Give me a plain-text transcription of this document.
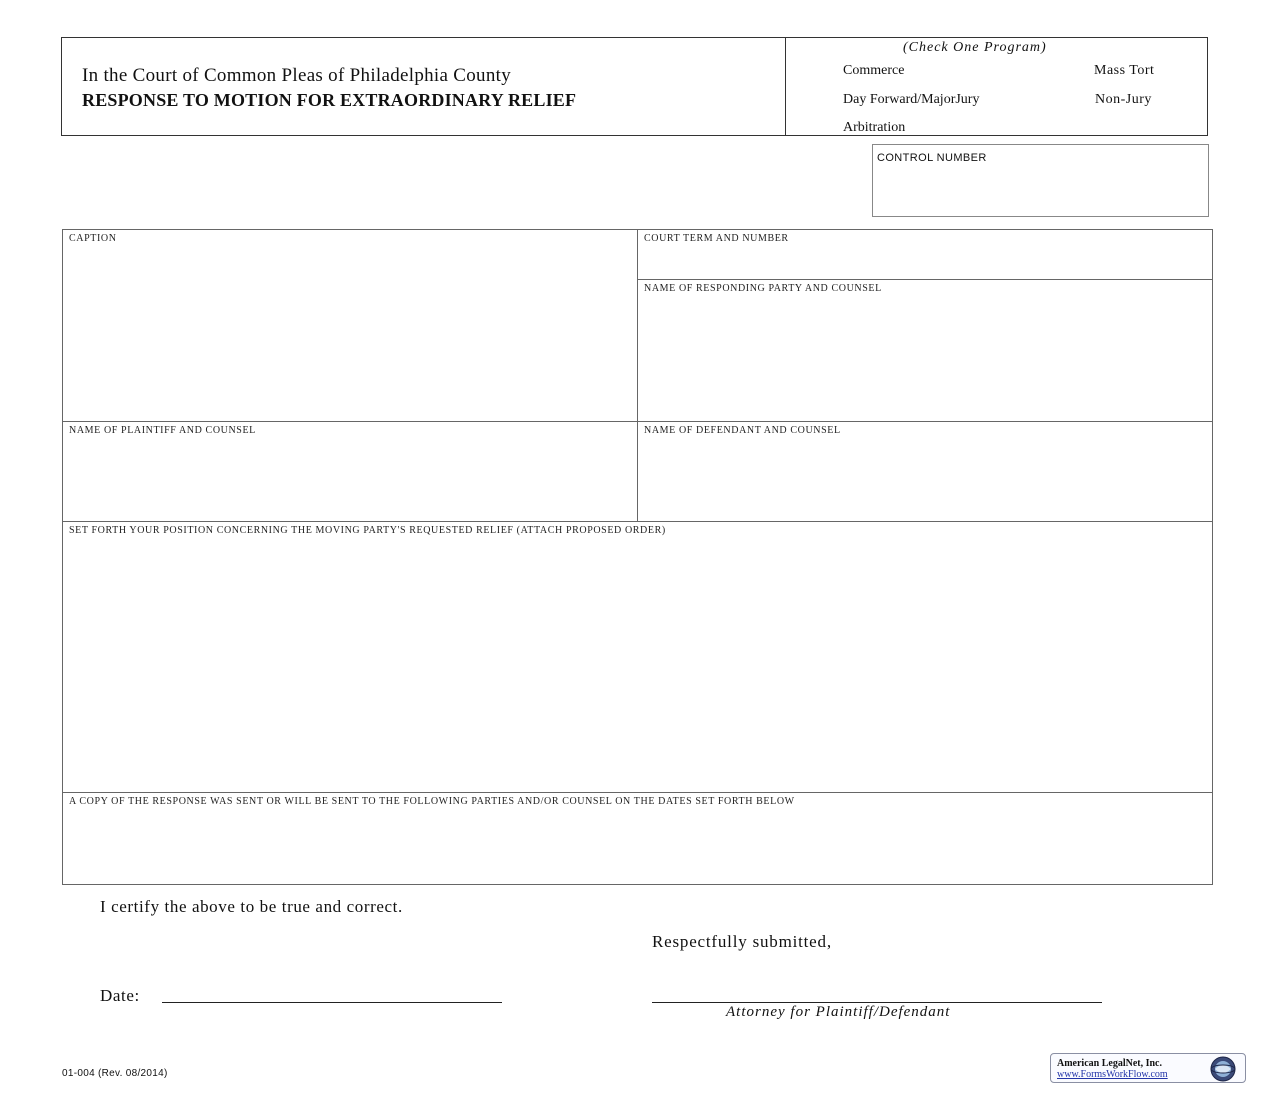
In the Court of Common Pleas of Philadelphia County
RESPONSE TO MOTION FOR EXTRAORDINARY RELIEF
(Check One Program)
Commerce	Mass Tort
Day Forward/MajorJury	Non-Jury
Arbitration
CONTROL NUMBER
CAPTION	COURT TERM AND NUMBER
NAME OF RESPONDING PARTY AND COUNSEL
NAME OF PLAINTIFF AND COUNSEL	NAME OF DEFENDANT AND COUNSEL
SET FORTH YOUR POSITION CONCERNING THE MOVING PARTY'S REQUESTED RELIEF (ATTACH PROPOSED ORDER)
A COPY OF THE RESPONSE WAS SENT OR WILL BE SENT TO THE FOLLOWING PARTIES AND/OR COUNSEL ON THE DATES SET FORTH BELOW
I certify the above to be true and correct.
Respectfully submitted,
Date:
Attorney for Plaintiff/Defendant
01-004 (Rev. 08/2014)
American LegalNet, Inc.
www.FormsWorkFlow.com
